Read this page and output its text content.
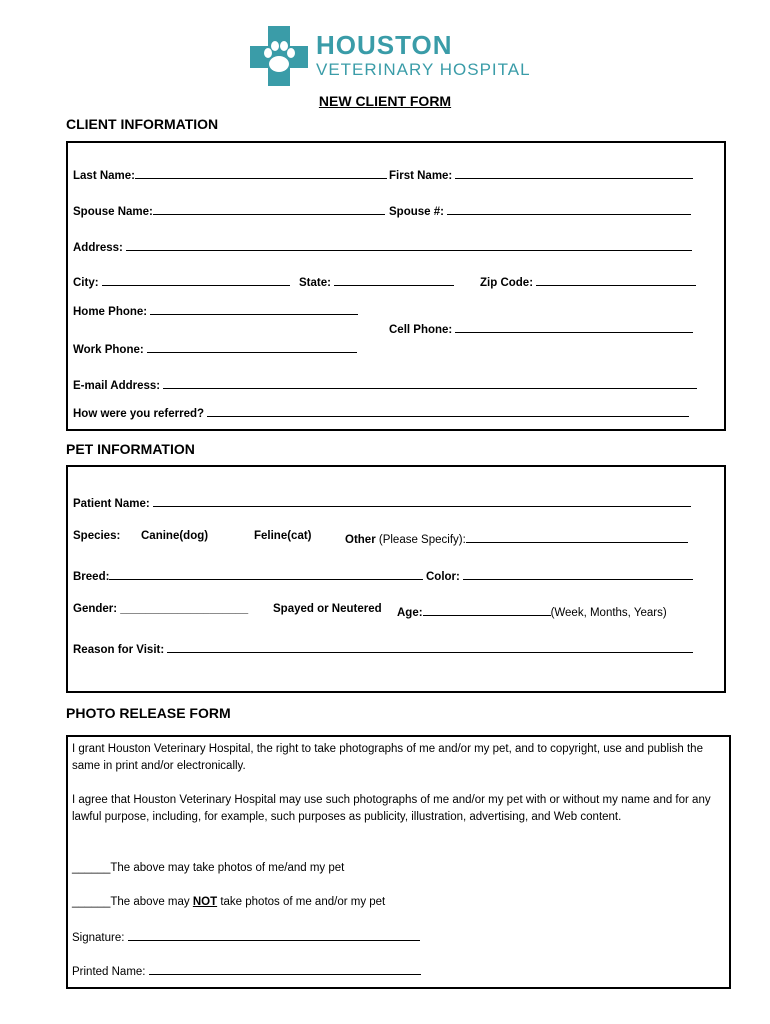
HOUSTON
VETERINARY HOSPITAL
NEW CLIENT FORM
CLIENT INFORMATION
Last Name:	First Name:
Spouse Name:	Spouse #:
Address:
City:	State:	Zip Code:
Home Phone:
Cell Phone:
Work Phone:
E-mail Address:
How were you referred?
PET INFORMATION
Patient Name:
Species: Canine(dog)	Feline(cat)	Other (Please Specify):
Breed:	Color:
Gender: ____________________ Spayed or Neutered Age:	(Week, Months, Years)
Reason for Visit:
PHOTO RELEASE FORM
I grant Houston Veterinary Hospital, the right to take photographs of me and/or my pet, and to copyright, use and publish the same in print and/or electronically.
I agree that Houston Veterinary Hospital may use such photographs of me and/or my pet with or without my name and for any lawful purpose, including, for example, such purposes as publicity, illustration, advertising, and Web content.
______The above may take photos of me/and my pet
______The above may NOT take photos of me and/or my pet
Signature:
Printed Name:
